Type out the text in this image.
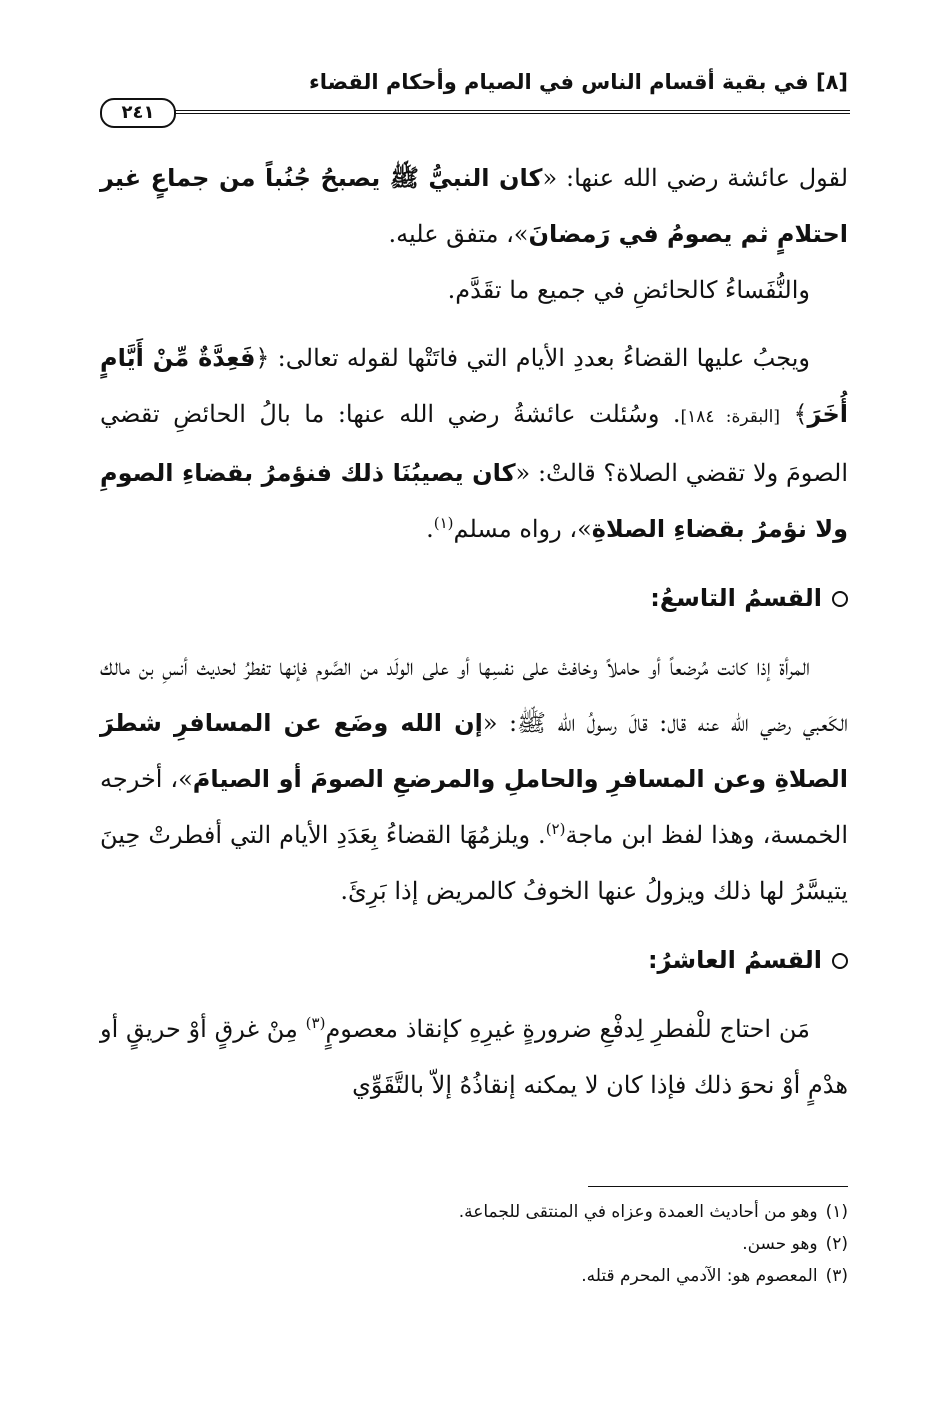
[٨] في بقية أقسام الناس في الصيام وأحكام القضاء
٢٤١

لقول عائشة رضي الله عنها: «كان النبيُّ ﷺ يصبحُ جُنُباً من جماعٍ غير احتلامٍ ثم يصومُ في رَمضانَ»، متفق عليه.

والنُّفَساءُ كالحائضِ في جميع ما تقَدَّم.

ويجبُ عليها القضاءُ بعددِ الأيام التي فاتَتْها لقوله تعالى: ﴿فَعِدَّةٌ مِّنْ أَيَّامٍ أُخَرَ﴾ [البقرة: ١٨٤]. وسُئلت عائشةُ رضي الله عنها: ما بالُ الحائضِ تقضي الصومَ ولا تقضي الصلاة؟ قالتْ: «كان يصيبُنَا ذلك فنؤمرُ بقضاءِ الصومِ ولا نؤمرُ بقضاءِ الصلاةِ»، رواه مسلم$^{(١)}$.

القسمُ التاسعُ:

المرأة إذا كانت مُرضعاً أو حاملاً وخافتْ على نفسِها أو على الولَد من الصَّوم فإنها تفطرُ لحديث أنسِ بن مالك الكَعبي رضي الله عنه قال: قالَ رسولُ الله ﷺ: «إن الله وضَع عن المسافرِ شطرَ الصلاةِ وعن المسافرِ والحاملِ والمرضعِ الصومَ أو الصيامَ»، أخرجه الخمسة، وهذا لفظ ابن ماجة$^{(٢)}$. ويلزمُهَا القضاءُ بِعَدَدِ الأيام التي أفطرتْ حِينَ يتيسَّرُ لها ذلك ويزولُ عنها الخوفُ كالمريض إذا بَرِئَ.

القسمُ العاشرُ:

مَن احتاج للْفطرِ لِدفْعِ ضرورةٍ غيرِهِ كإنقاذ معصومٍ$^{(٣)}$ مِنْ غرقٍ أوْ حريقٍ أو هدْمٍ أوْ نحوَ ذلك فإذا كان لا يمكنه إنقاذُهُ إلاّ بالتَّقَوِّي

(١)وهو من أحاديث العمدة وعزاه في المنتقى للجماعة.

(٢)وهو حسن.

(٣)المعصوم هو: الآدمي المحرم قتله.
